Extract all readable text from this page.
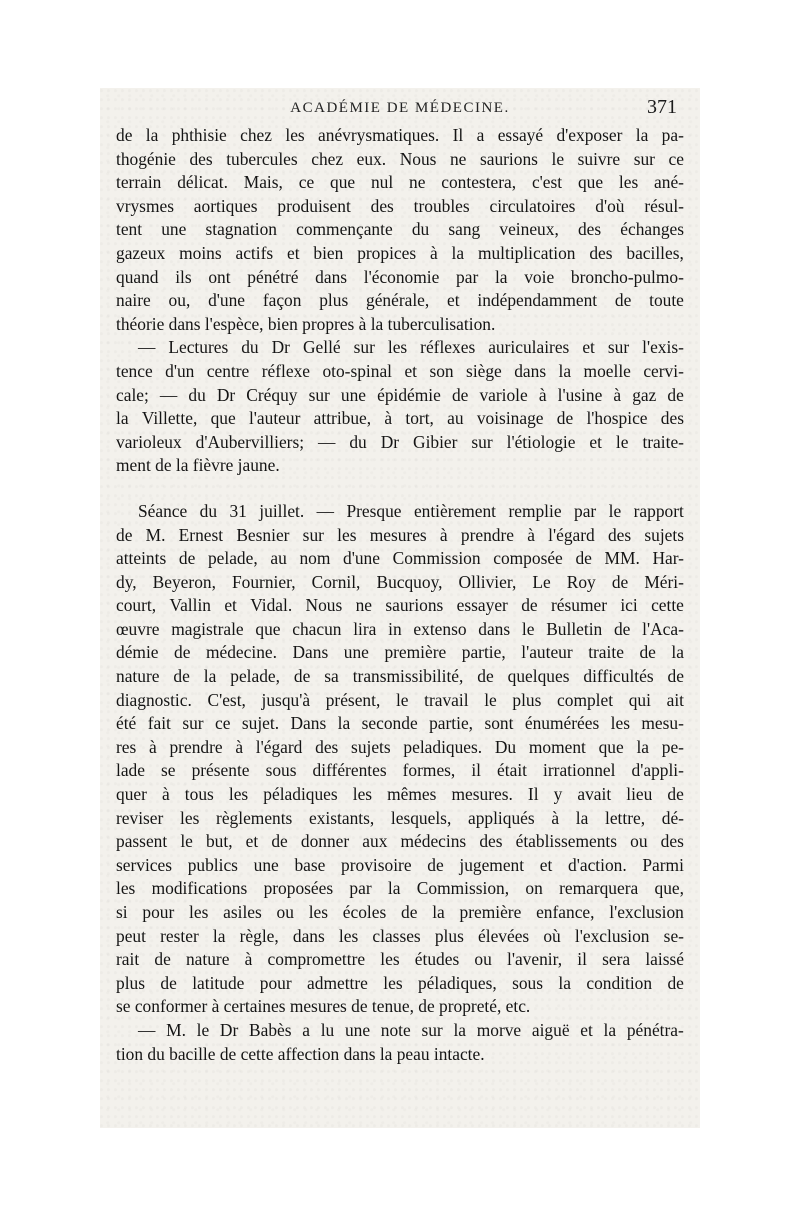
ACADÉMIE DE MÉDECINE.	371
de la phthisie chez les anévrysmatiques. Il a essayé d'exposer la pa-
thogénie des tubercules chez eux. Nous ne saurions le suivre sur ce
terrain délicat. Mais, ce que nul ne contestera, c'est que les ané-
vrysmes aortiques produisent des troubles circulatoires d'où résul-
tent une stagnation commençante du sang veineux, des échanges
gazeux moins actifs et bien propices à la multiplication des bacilles,
quand ils ont pénétré dans l'économie par la voie broncho-pulmo-
naire ou, d'une façon plus générale, et indépendamment de toute
théorie dans l'espèce, bien propres à la tuberculisation.
— Lectures du Dr Gellé sur les réflexes auriculaires et sur l'exis-
tence d'un centre réflexe oto-spinal et son siège dans la moelle cervi-
cale; — du Dr Créquy sur une épidémie de variole à l'usine à gaz de
la Villette, que l'auteur attribue, à tort, au voisinage de l'hospice des
varioleux d'Aubervilliers; — du Dr Gibier sur l'étiologie et le traite-
ment de la fièvre jaune.
Séance du 31 juillet. — Presque entièrement remplie par le rapport
de M. Ernest Besnier sur les mesures à prendre à l'égard des sujets
atteints de pelade, au nom d'une Commission composée de MM. Har-
dy, Beyeron, Fournier, Cornil, Bucquoy, Ollivier, Le Roy de Méri-
court, Vallin et Vidal. Nous ne saurions essayer de résumer ici cette
œuvre magistrale que chacun lira in extenso dans le Bulletin de l'Aca-
démie de médecine. Dans une première partie, l'auteur traite de la
nature de la pelade, de sa transmissibilité, de quelques difficultés de
diagnostic. C'est, jusqu'à présent, le travail le plus complet qui ait
été fait sur ce sujet. Dans la seconde partie, sont énumérées les mesu-
res à prendre à l'égard des sujets peladiques. Du moment que la pe-
lade se présente sous différentes formes, il était irrationnel d'appli-
quer à tous les péladiques les mêmes mesures. Il y avait lieu de
reviser les règlements existants, lesquels, appliqués à la lettre, dé-
passent le but, et de donner aux médecins des établissements ou des
services publics une base provisoire de jugement et d'action. Parmi
les modifications proposées par la Commission, on remarquera que,
si pour les asiles ou les écoles de la première enfance, l'exclusion
peut rester la règle, dans les classes plus élevées où l'exclusion se-
rait de nature à compromettre les études ou l'avenir, il sera laissé
plus de latitude pour admettre les péladiques, sous la condition de
se conformer à certaines mesures de tenue, de propreté, etc.
— M. le Dr Babès a lu une note sur la morve aiguë et la pénétra-
tion du bacille de cette affection dans la peau intacte.
